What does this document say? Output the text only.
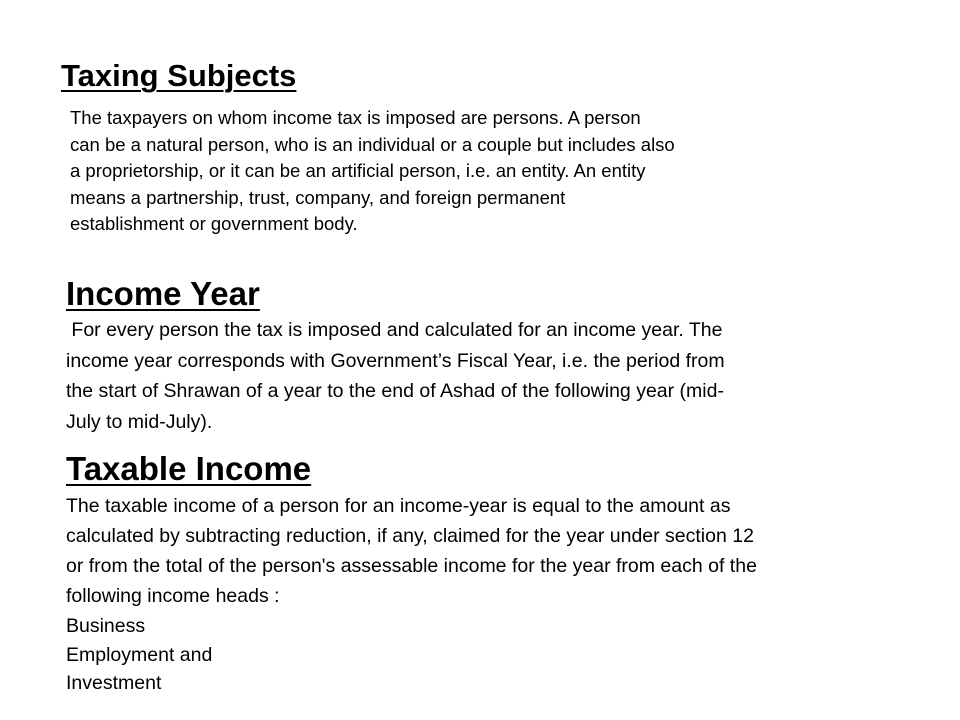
Taxing Subjects

The taxpayers on whom income tax is imposed are persons. A person
can be a natural person, who is an individual or a couple but includes also
a proprietorship, or it can be an artificial person, i.e. an entity. An entity
means a partnership, trust, company, and foreign permanent
establishment or government body.

Income Year

For every person the tax is imposed and calculated for an income year. The
income year corresponds with Government’s Fiscal Year, i.e. the period from
the start of Shrawan of a year to the end of Ashad of the following year (mid-
July to mid-July).

Taxable Income

The taxable income of a person for an income-year is equal to the amount as
calculated by subtracting reduction, if any, claimed for the year under section 12
or from the total of the person's assessable income for the year from each of the
following income heads :

Business
Employment and
Investment
